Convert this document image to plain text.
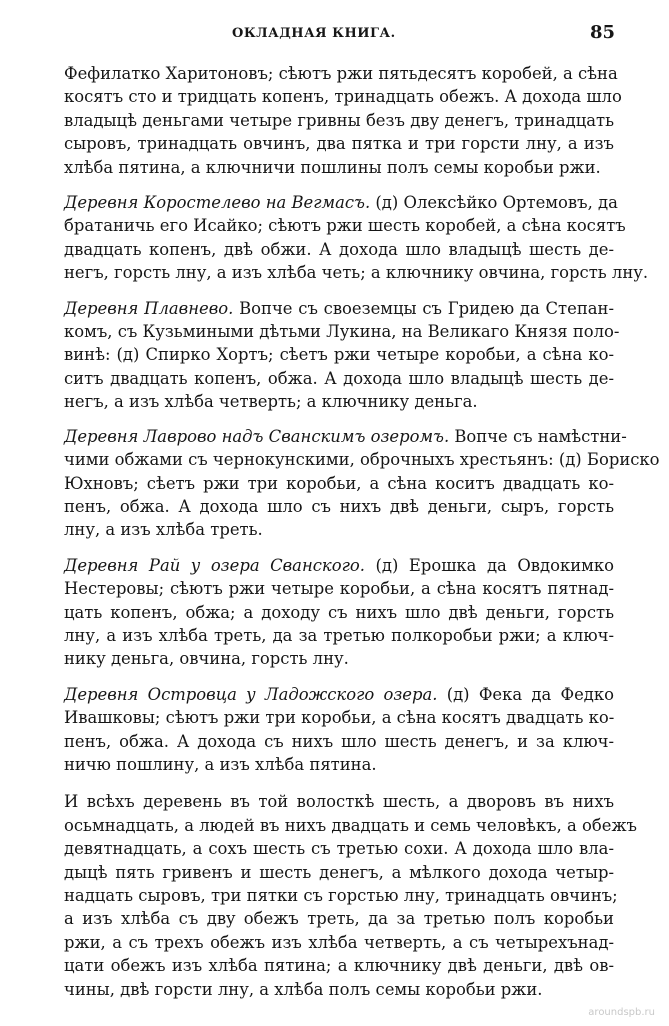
ОКЛАДНАЯ КНИГА.	85
Фефилатко Харитоновъ; сѣютъ ржи пятьдесятъ коробей, а сѣна
косятъ сто и тридцать копенъ, тринадцать обежъ. А дохода шло
владыцѣ деньгами четыре гривны безъ дву денегъ, тринадцать
сыровъ, тринадцать овчинъ, два пятка и три горсти лну, а изъ
хлѣба пятина, а ключничи пошлины полъ семы коробьи ржи.
Деревня Коростелево на Вегмасъ. (д) Олексѣйко Ортемовъ, да
братаничь его Исайко; сѣютъ ржи шесть коробей, а сѣна косятъ
двадцать копенъ, двѣ обжи. А дохода шло владыцѣ шесть де-
негъ, горсть лну, а изъ хлѣба четь; а ключнику овчина, горсть лну.
Деревня Плавнево. Вопче съ своеземцы съ Гридею да Степан-
комъ, съ Кузьмиными дѣтьми Лукина, на Великаго Князя поло-
винѣ: (д) Спирко Хортъ; сѣетъ ржи четыре коробьи, а сѣна ко-
ситъ двадцать копенъ, обжа. А дохода шло владыцѣ шесть де-
негъ, а изъ хлѣба четверть; а ключнику деньга.
Деревня Лаврово надъ Сванскимъ озеромъ. Вопче съ намѣстни-
чими обжами съ чернокунскими, оброчныхъ хрестьянъ: (д) Бориско
Юхновъ; сѣетъ ржи три коробьи, а сѣна коситъ двадцать ко-
пенъ, обжа. А дохода шло съ нихъ двѣ деньги, сыръ, горсть
лну, а изъ хлѣба треть.
Деревня Рай у озера Сванского. (д) Ерошка да Овдокимко
Нестеровы; сѣютъ ржи четыре коробьи, а сѣна косятъ пятнад-
цать копенъ, обжа; а доходу съ нихъ шло двѣ деньги, горсть
лну, а изъ хлѣба треть, да за третью полкоробьи ржи; а ключ-
нику деньга, овчина, горсть лну.
Деревня Островца у Ладожского озера. (д) Фека да Федко
Ивашковы; сѣютъ ржи три коробьи, а сѣна косятъ двадцать ко-
пенъ, обжа. А дохода съ нихъ шло шесть денегъ, и за ключ-
ничю пошлину, а изъ хлѣба пятина.
И всѣхъ деревень въ той волосткѣ шесть, а дворовъ въ нихъ
осьмнадцать, а людей въ нихъ двадцать и семь человѣкъ, а обежъ
девятнадцать, а сохъ шесть съ третью сохи. А дохода шло вла-
дыцѣ пять гривенъ и шесть денегъ, а мѣлкого дохода четыр-
надцать сыровъ, три пятки съ горстью лну, тринадцать овчинъ;
а изъ хлѣба съ двy обежъ треть, да за третью полъ коробьи
ржи, а съ трехъ обежъ изъ хлѣба четверть, а съ четырехънад-
цати обежъ изъ хлѣба пятина; а ключнику двѣ деньги, двѣ ов-
чины, двѣ горсти лну, а хлѣба полъ семы коробьи ржи.
aroundspb.ru
